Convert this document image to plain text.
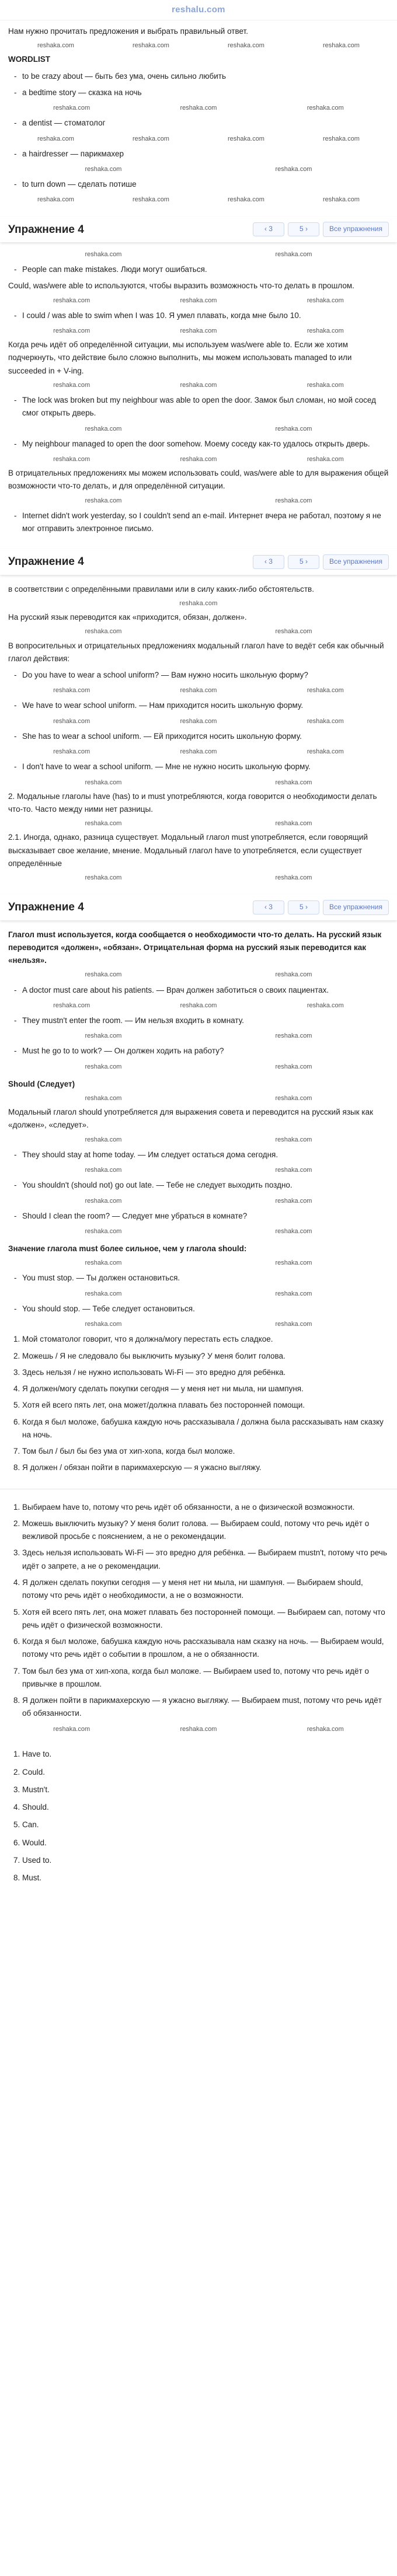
reshalu.com

Нам нужно прочитать предложения и выбрать правильный ответ.

reshaka.com	reshaka.com	reshaka.com	reshaka.com

WORDLIST

- to be crazy about — быть без ума, очень сильно любить
- a bedtime story — сказка на ночь
reshaka.com	reshaka.com	reshaka.com
- a dentist — стоматолог
reshaka.com	reshaka.com	reshaka.com	reshaka.com
- a hairdresser — парикмахер
reshaka.com	reshaka.com
- to turn down — сделать потише
reshaka.com	reshaka.com	reshaka.com	reshaka.com
Упражнение 4	‹ 3	5 ›	Все упражнения
reshaka.com	reshaka.com
- People can make mistakes. Люди могут ошибаться.

Could, was/were able to используются, чтобы выразить возможность что-то делать в прошлом.

reshaka.com	reshaka.com	reshaka.com
- I could / was able to swim when I was 10. Я умел плавать, когда мне было 10.
reshaka.com	reshaka.com	reshaka.com

Когда речь идёт об определённой ситуации, мы используем was/were able to. Если же хотим подчеркнуть, что действие было сложно выполнить, мы можем использовать managed to или succeeded in + V-ing.

reshaka.com	reshaka.com	reshaka.com
- The lock was broken but my neighbour was able to open the door. Замок был сломан, но мой сосед смог открыть дверь.
reshaka.com	reshaka.com
- My neighbour managed to open the door somehow. Моему соседу как-то удалось открыть дверь.
reshaka.com	reshaka.com	reshaka.com

В отрицательных предложениях мы можем использовать could, was/were able to для выражения общей возможности что-то делать, и для определённой ситуации.

reshaka.com	reshaka.com
- Internet didn't work yesterday, so I couldn't send an e-mail. Интернет вчера не работал, поэтому я не мог отправить электронное письмо.
Упражнение 4	‹ 3	5 ›	Все упражнения

в соответствии с определёнными правилами или в силу каких-либо обстоятельств.

reshaka.com

На русский язык переводится как «приходится, обязан, должен».

reshaka.com	reshaka.com

В вопросительных и отрицательных предложениях модальный глагол have to ведёт себя как обычный глагол действия:

- Do you have to wear a school uniform? — Вам нужно носить школьную форму?
reshaka.com	reshaka.com	reshaka.com
- We have to wear school uniform. — Нам приходится носить школьную форму.
reshaka.com	reshaka.com	reshaka.com
- She has to wear a school uniform. — Ей приходится носить школьную форму.
reshaka.com	reshaka.com	reshaka.com
- I don't have to wear a school uniform. — Мне не нужно носить школьную форму.
reshaka.com	reshaka.com

2. Модальные глаголы have (has) to и must употребляются, когда говорится о необходимости делать что-то. Часто между ними нет разницы.

reshaka.com	reshaka.com

2.1. Иногда, однако, разница существует. Модальный глагол must употребляется, если говорящий высказывает свое желание, мнение. Модальный глагол have to употребляется, если существует определённые

reshaka.com	reshaka.com
Упражнение 4	‹ 3	5 ›	Все упражнения

Глагол must используется, когда сообщается о необходимости что-то делать. На русский язык переводится «должен», «обязан». Отрицательная форма на русский язык переводится как «нельзя».

reshaka.com	reshaka.com
- A doctor must care about his patients. — Врач должен заботиться о своих пациентах.
reshaka.com	reshaka.com	reshaka.com
- They mustn't enter the room. — Им нельзя входить в комнату.
reshaka.com	reshaka.com
- Must he go to to work? — Он должен ходить на работу?
reshaka.com	reshaka.com

Should (Следует)

reshaka.com	reshaka.com

Модальный глагол should употребляется для выражения совета и переводится на русский язык как «должен», «следует».

reshaka.com	reshaka.com
- They should stay at home today. — Им следует остаться дома сегодня.
reshaka.com	reshaka.com
- You shouldn't (should not) go out late. — Тебе не следует выходить поздно.
reshaka.com	reshaka.com
- Should I clean the room? — Следует мне убраться в комнате?
reshaka.com	reshaka.com

Значение глагола must более сильное, чем у глагола should:

reshaka.com	reshaka.com
- You must stop. — Ты должен остановиться.
reshaka.com	reshaka.com
- You should stop. — Тебе следует остановиться.
reshaka.com	reshaka.com
1. Мой стоматолог говорит, что я должна/могу перестать есть сладкое.
2. Можешь / Я не следовало бы выключить музыку? У меня болит голова.
3. Здесь нельзя / не нужно использовать Wi-Fi — это вредно для ребёнка.
4. Я должен/могу сделать покупки сегодня — у меня нет ни мыла, ни шампуня.
5. Хотя ей всего пять лет, она может/должна плавать без посторонней помощи.
6. Когда я был моложе, бабушка каждую ночь рассказывала / должна была рассказывать нам сказку на ночь.
7. Том был / был бы без ума от хип-хопа, когда был моложе.
8. Я должен / обязан пойти в парикмахерскую — я ужасно выгляжу.
1. Выбираем have to, потому что речь идёт об обязанности, а не о физической возможности.
2. Можешь выключить музыку? У меня болит голова. — Выбираем could, потому что речь идёт о вежливой просьбе с пояснением, а не о рекомендации.
3. Здесь нельзя использовать Wi-Fi — это вредно для ребёнка. — Выбираем mustn't, потому что речь идёт о запрете, а не о рекомендации.
4. Я должен сделать покупки сегодня — у меня нет ни мыла, ни шампуня. — Выбираем should, потому что речь идёт о необходимости, а не о возможности.
5. Хотя ей всего пять лет, она может плавать без посторонней помощи. — Выбираем can, потому что речь идёт о физической возможности.
6. Когда я был моложе, бабушка каждую ночь рассказывала нам сказку на ночь. — Выбираем would, потому что речь идёт о событии в прошлом, а не о обязанности.
7. Том был без ума от хип-хопа, когда был моложе. — Выбираем used to, потому что речь идёт о привычке в прошлом.
8. Я должен пойти в парикмахерскую — я ужасно выгляжу. — Выбираем must, потому что речь идёт об обязанности.
reshaka.com	reshaka.com	reshaka.com
1. Have to.
2. Could.
3. Mustn't.
4. Should.
5. Can.
6. Would.
7. Used to.
8. Must.
